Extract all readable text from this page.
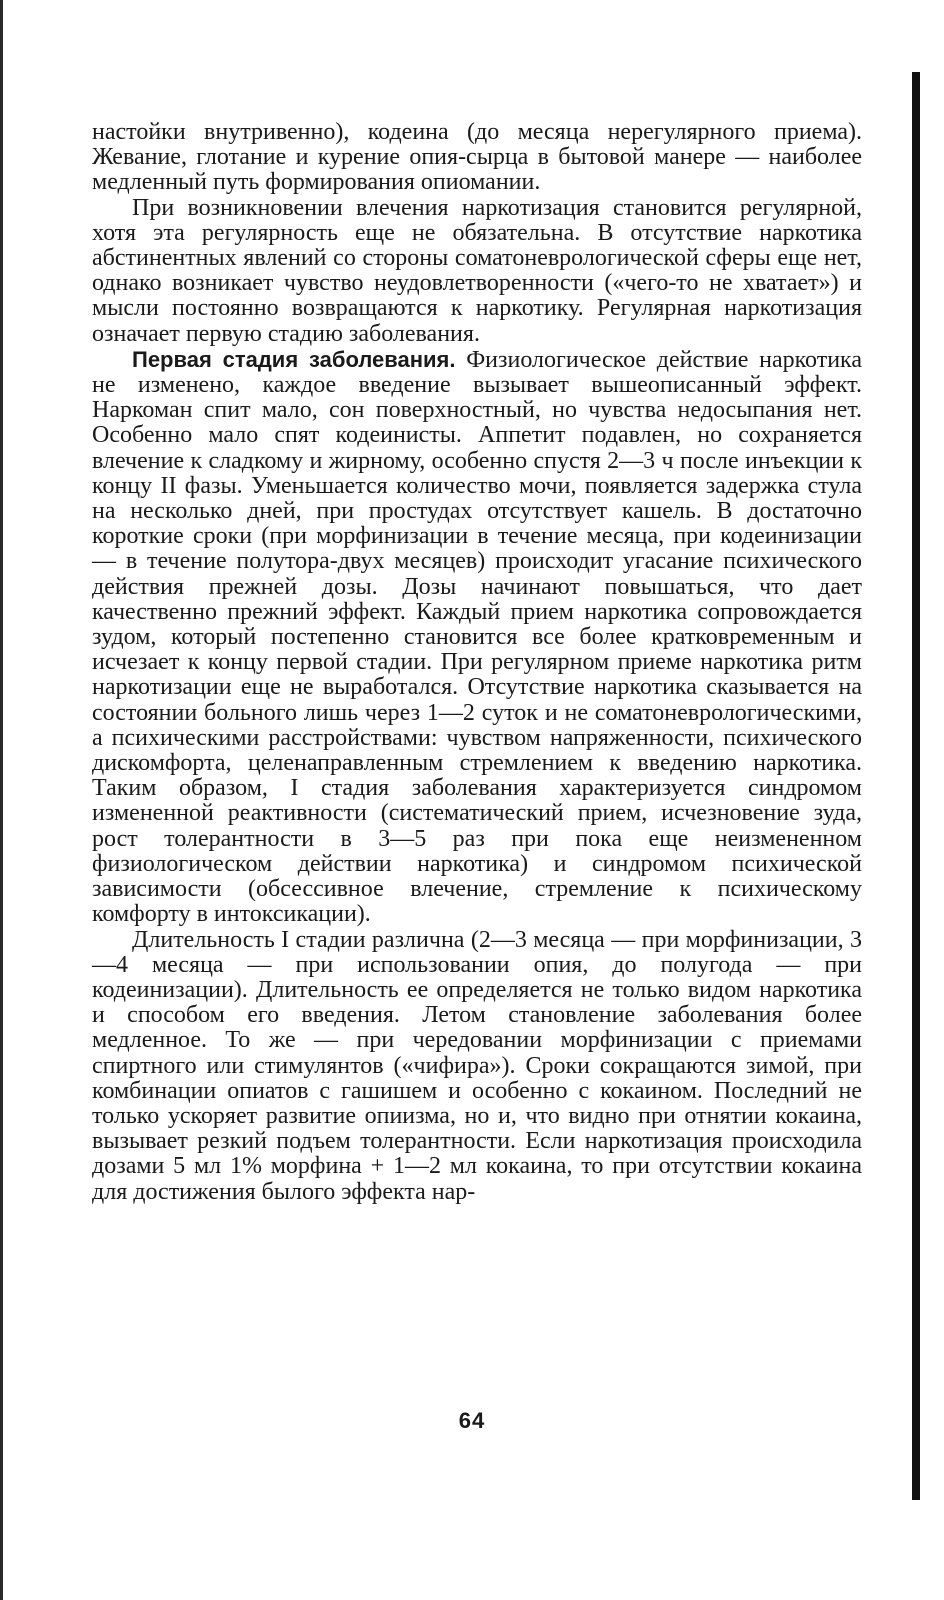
настойки внутривенно), кодеина (до месяца нерегулярного приема). Жевание, глотание и курение опия-сырца в бытовой манере — наиболее медленный путь формирования опиомании.

При возникновении влечения наркотизация становится регулярной, хотя эта регулярность еще не обязательна. В отсутствие наркотика абстинентных явлений со стороны соматоневрологической сферы еще нет, однако возникает чувство неудовлетворенности («чего-то не хватает») и мысли постоянно возвращаются к наркотику. Регулярная наркотизация означает первую стадию заболевания.

Первая стадия заболевания. Физиологическое действие наркотика не изменено, каждое введение вызывает вышеописанный эффект. Наркоман спит мало, сон поверхностный, но чувства недосыпания нет. Особенно мало спят кодеинисты. Аппетит подавлен, но сохраняется влечение к сладкому и жирному, особенно спустя 2—3 ч после инъекции к концу II фазы. Уменьшается количество мочи, появляется задержка стула на несколько дней, при простудах отсутствует кашель. В достаточно короткие сроки (при морфинизации в течение месяца, при кодеинизации — в течение полутора-двух месяцев) происходит угасание психического действия прежней дозы. Дозы начинают повышаться, что дает качественно прежний эффект. Каждый прием наркотика сопровождается зудом, который постепенно становится все более кратковременным и исчезает к концу первой стадии. При регулярном приеме наркотика ритм наркотизации еще не выработался. Отсутствие наркотика сказывается на состоянии больного лишь через 1—2 суток и не соматоневрологическими, а психическими расстройствами: чувством напряженности, психического дискомфорта, целенаправленным стремлением к введению наркотика. Таким образом, I стадия заболевания характеризуется синдромом измененной реактивности (систематический прием, исчезновение зуда, рост толерантности в 3—5 раз при пока еще неизмененном физиологическом действии наркотика) и синдромом психической зависимости (обсессивное влечение, стремление к психическому комфорту в интоксикации).

Длительность I стадии различна (2—3 месяца — при морфинизации, 3—4 месяца — при использовании опия, до полугода — при кодеинизации). Длительность ее определяется не только видом наркотика и способом его введения. Летом становление заболевания более медленное. То же — при чередовании морфинизации с приемами спиртного или стимулянтов («чифира»). Сроки сокращаются зимой, при комбинации опиатов с гашишем и особенно с кокаином. Последний не только ускоряет развитие опиизма, но и, что видно при отнятии кокаина, вызывает резкий подъем толерантности. Если наркотизация происходила дозами 5 мл 1% морфина + 1—2 мл кокаина, то при отсутствии кокаина для достижения былого эффекта нар-

64
